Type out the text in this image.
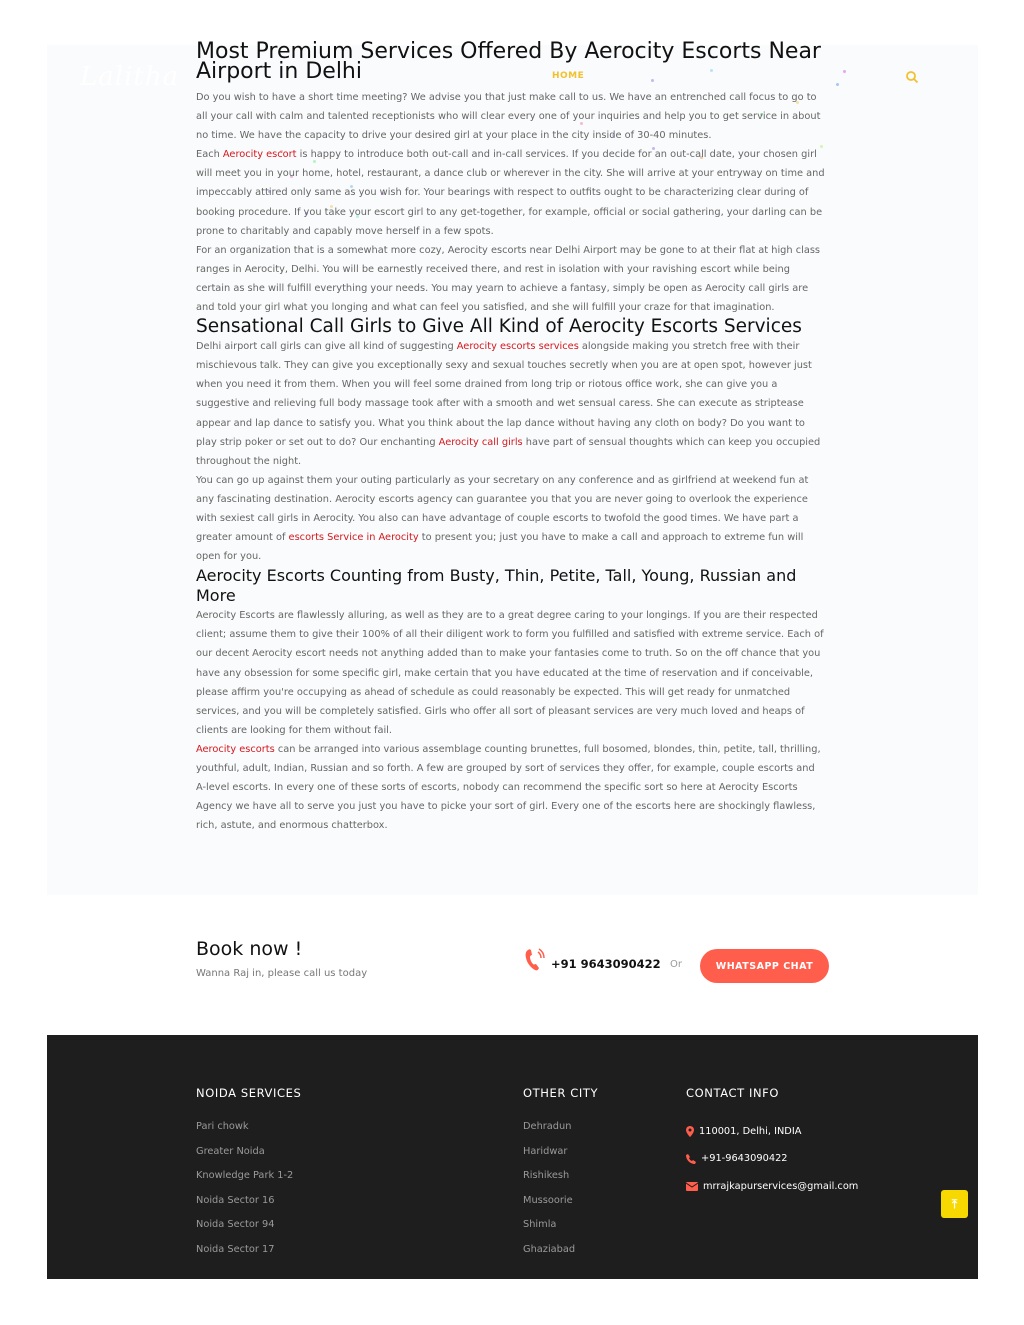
Lalitha	HOME
Most Premium Services Offered By Aerocity Escorts Near Airport in Delhi

Do you wish to have a short time meeting? We advise you that just make call to us. We have an entrenched call focus to go to all your call with calm and talented receptionists who will clear every one of your inquiries and help you to get service in about no time. We have the capacity to drive your desired girl at your place in the city inside of 30-40 minutes.

Each Aerocity escort is happy to introduce both out-call and in-call services. If you decide for an out-call date, your chosen girl will meet you in your home, hotel, restaurant, a dance club or wherever in the city. She will arrive at your entryway on time and impeccably attired only same as you wish for. Your bearings with respect to outfits ought to be characterizing clear during of booking procedure. If you take your escort girl to any get-together, for example, official or social gathering, your darling can be prone to charitably and capably move herself in a few spots.

For an organization that is a somewhat more cozy, Aerocity escorts near Delhi Airport may be gone to at their flat at high class ranges in Aerocity, Delhi. You will be earnestly received there, and rest in isolation with your ravishing escort while being certain as she will fulfill everything your needs. You may yearn to achieve a fantasy, simply be open as Aerocity call girls are and told your girl what you longing and what can feel you satisfied, and she will fulfill your craze for that imagination.

Sensational Call Girls to Give All Kind of Aerocity Escorts Services

Delhi airport call girls can give all kind of suggesting Aerocity escorts services alongside making you stretch free with their mischievous talk. They can give you exceptionally sexy and sexual touches secretly when you are at open spot, however just when you need it from them. When you will feel some drained from long trip or riotous office work, she can give you a suggestive and relieving full body massage took after with a smooth and wet sensual caress. She can execute as striptease appear and lap dance to satisfy you. What you think about the lap dance without having any cloth on body? Do you want to play strip poker or set out to do? Our enchanting Aerocity call girls have part of sensual thoughts which can keep you occupied throughout the night.

You can go up against them your outing particularly as your secretary on any conference and as girlfriend at weekend fun at any fascinating destination. Aerocity escorts agency can guarantee you that you are never going to overlook the experience with sexiest call girls in Aerocity. You also can have advantage of couple escorts to twofold the good times. We have part a greater amount of escorts Service in Aerocity to present you; just you have to make a call and approach to extreme fun will open for you.

Aerocity Escorts Counting from Busty, Thin, Petite, Tall, Young, Russian and More

Aerocity Escorts are flawlessly alluring, as well as they are to a great degree caring to your longings. If you are their respected client; assume them to give their 100% of all their diligent work to form you fulfilled and satisfied with extreme service. Each of our decent Aerocity escort needs not anything added than to make your fantasies come to truth. So on the off chance that you have any obsession for some specific girl, make certain that you have educated at the time of reservation and if conceivable, please affirm you're occupying as ahead of schedule as could reasonably be expected. This will get ready for unmatched services, and you will be completely satisfied. Girls who offer all sort of pleasant services are very much loved and heaps of clients are looking for them without fail.

Aerocity escorts can be arranged into various assemblage counting brunettes, full bosomed, blondes, thin, petite, tall, thrilling, youthful, adult, Indian, Russian and so forth. A few are grouped by sort of services they offer, for example, couple escorts and A-level escorts. In every one of these sorts of escorts, nobody can recommend the specific sort so here at Aerocity Escorts Agency we have all to serve you just you have to picke your sort of girl. Every one of the escorts here are shockingly flawless, rich, astute, and enormous chatterbox.

Book now !
Wanna Raj in, please call us today
+91 9643090422 Or	WHATSAPP CHAT
NOIDA SERVICES
Pari chowk
Greater Noida
Knowledge Park 1-2
Noida Sector 16
Noida Sector 94
Noida Sector 17
OTHER CITY
Dehradun
Haridwar
Rishikesh
Mussoorie
Shimla
Ghaziabad
CONTACT INFO
110001, Delhi, INDIA
+91-9643090422
mrrajkapurservices@gmail.com
⤒
